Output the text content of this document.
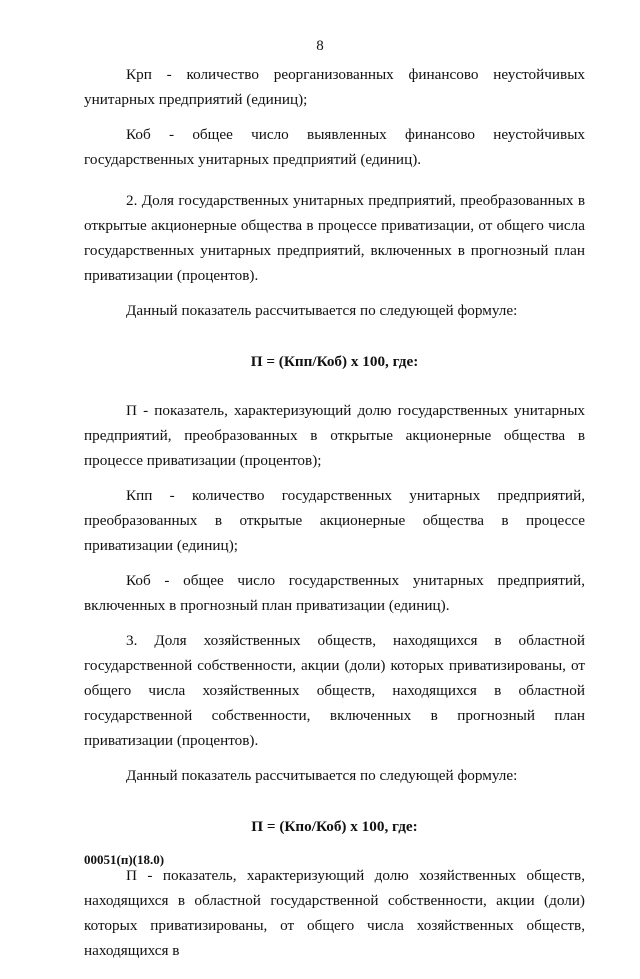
8

Крп - количество реорганизованных финансово неустойчивых унитарных предприятий (единиц);

Коб - общее число выявленных финансово неустойчивых государственных унитарных предприятий (единиц).

2. Доля государственных унитарных предприятий, преобразованных в открытые акционерные общества в процессе приватизации, от общего числа государственных унитарных предприятий, включенных в прогнозный план приватизации (процентов).

Данный показатель рассчитывается по следующей формуле:

П = (Кпп/Коб) х 100, где:

П - показатель, характеризующий долю государственных унитарных предприятий, преобразованных в открытые акционерные общества в процессе приватизации (процентов);

Кпп - количество государственных унитарных предприятий, преобразованных в открытые акционерные общества в процессе приватизации (единиц);

Коб - общее число государственных унитарных предприятий, включенных в прогнозный план приватизации (единиц).

3. Доля хозяйственных обществ, находящихся в областной государственной собственности, акции (доли) которых приватизированы, от общего числа хозяйственных обществ, находящихся в областной государственной собственности, включенных в прогнозный план приватизации (процентов).

Данный показатель рассчитывается по следующей формуле:

П = (Кпо/Коб) х 100, где:

П - показатель, характеризующий долю хозяйственных обществ, находящихся в областной государственной собственности, акции (доли) которых приватизированы, от общего числа хозяйственных обществ, находящихся в

00051(п)(18.0)
